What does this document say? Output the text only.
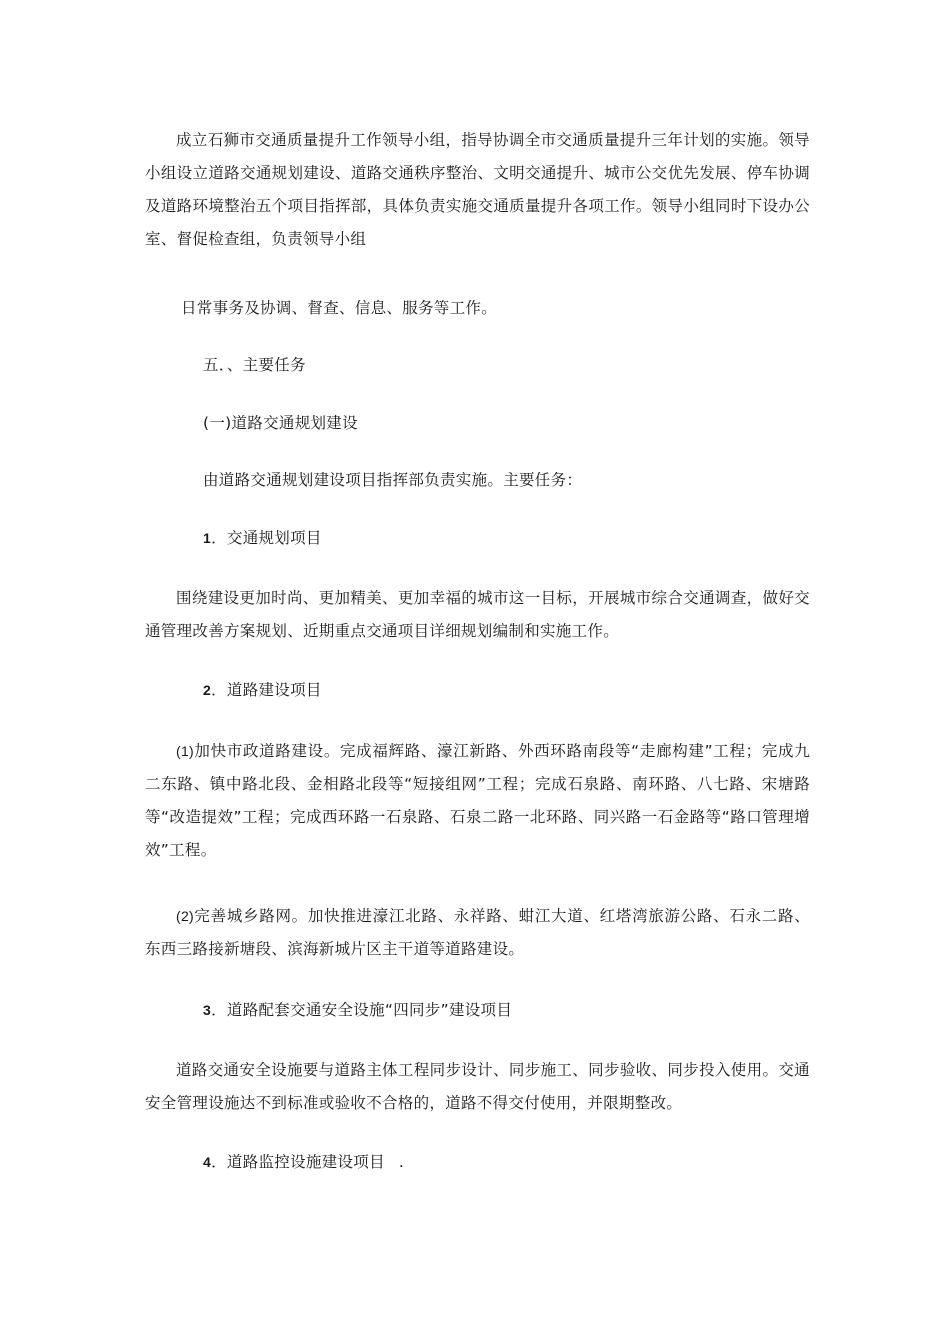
成立石狮市交通质量提升工作领导小组，指导协调全市交通质量提升三年计划的实施。领导小组设立道路交通规划建设、道路交通秩序整治、文明交通提升、城市公交优先发展、停车协调及道路环境整治五个项目指挥部，具体负责实施交通质量提升各项工作。领导小组同时下设办公室、督促检查组，负责领导小组

日常事务及协调、督查、信息、服务等工作。

五．、主要任务

(一)道路交通规划建设

由道路交通规划建设项目指挥部负责实施。主要任务：

1．交通规划项目

围绕建设更加时尚、更加精美、更加幸福的城市这一目标，开展城市综合交通调查，做好交通管理改善方案规划、近期重点交通项目详细规划编制和实施工作。

2．道路建设项目

(1)加快市政道路建设。完成福辉路、濠江新路、外西环路南段等“走廊构建”工程；完成九二东路、镇中路北段、金相路北段等“短接组网”工程；完成石泉路、南环路、八七路、宋塘路等“改造提效”工程；完成西环路一石泉路、石泉二路一北环路、同兴路一石金路等“路口管理增效”工程。

(2)完善城乡路网。加快推进濠江北路、永祥路、蚶江大道、红塔湾旅游公路、石永二路、东西三路接新塘段、滨海新城片区主干道等道路建设。

3．道路配套交通安全设施“四同步”建设项目

道路交通安全设施要与道路主体工程同步设计、同步施工、同步验收、同步投入使用。交通安全管理设施达不到标准或验收不合格的，道路不得交付使用，并限期整改。

4．道路监控设施建设项目 .
